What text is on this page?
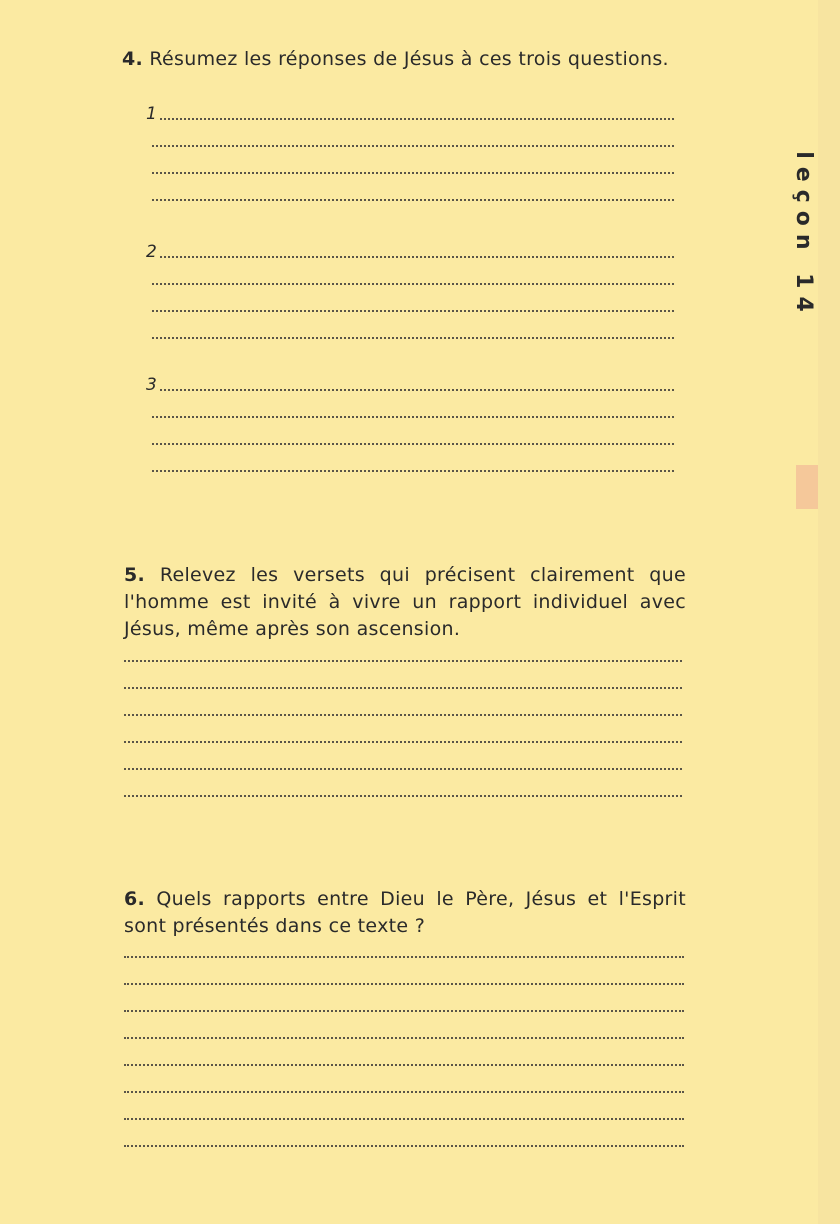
4. Résumez les réponses de Jésus à ces trois questions.
1
2
3
5. Relevez les versets qui précisent clairement que
l'homme est invité à vivre un rapport individuel avec
Jésus, même après son ascension.
6. Quels rapports entre Dieu le Père, Jésus et l'Esprit
sont présentés dans ce texte ?
leçon 14
